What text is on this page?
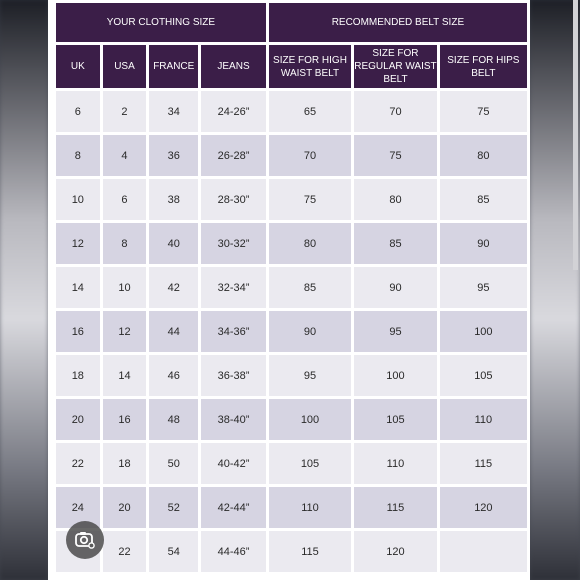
YOUR CLOTHING SIZE				RECOMMENDED BELT SIZE		
UK	USA	FRANCE	JEANS	SIZE FOR HIGH WAIST BELT	SIZE FOR REGULAR WAIST BELT	SIZE FOR HIPS BELT
6	2	34	24-26”	65	70	75
8	4	36	26-28”	70	75	80
10	6	38	28-30”	75	80	85
12	8	40	30-32”	80	85	90
14	10	42	32-34”	85	90	95
16	12	44	34-36”	90	95	100
18	14	46	36-38”	95	100	105
20	16	48	38-40”	100	105	110
22	18	50	40-42”	105	110	115
24	20	52	42-44”	110	115	120
	22	54	44-46”	115	120	
